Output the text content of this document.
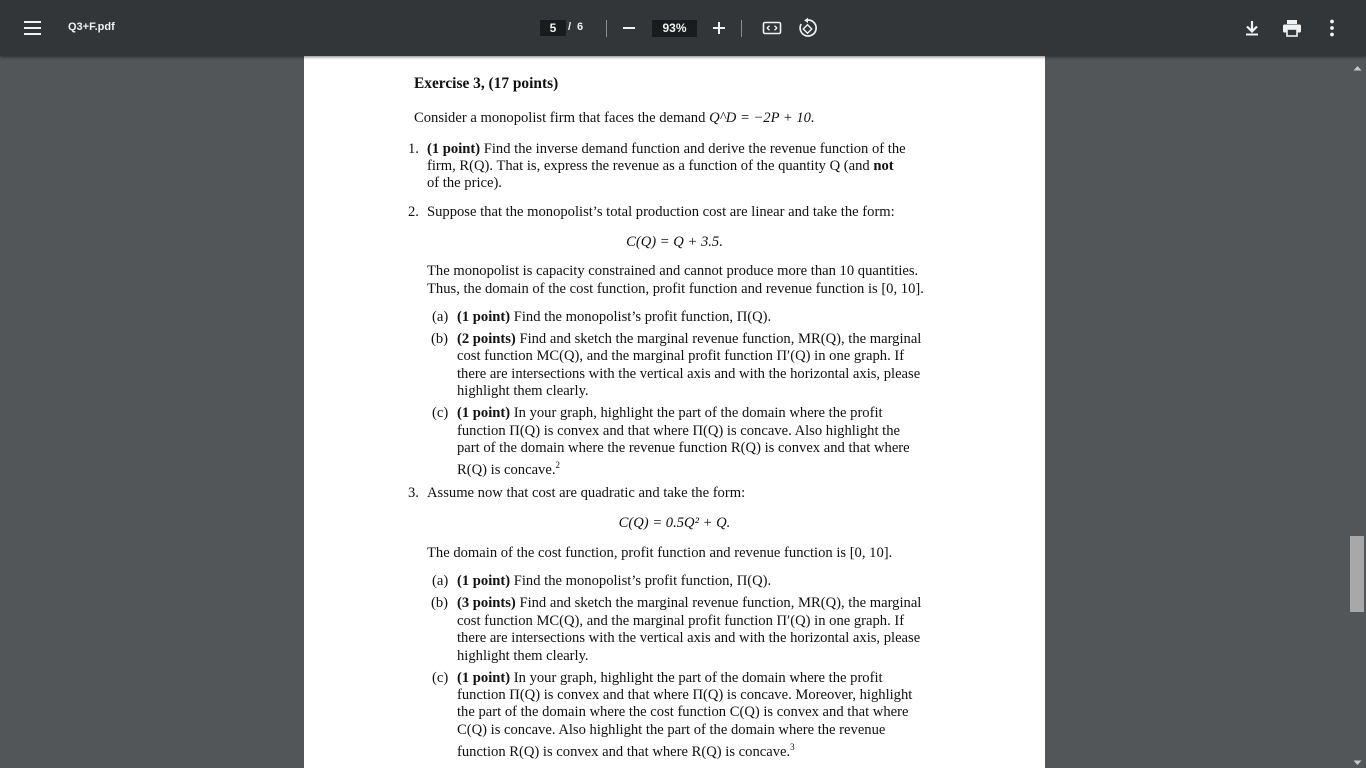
Q3+F.pdf	5	/ 6	93%
Exercise 3, (17 points)
Consider a monopolist firm that faces the demand Q^D = −2P + 10.
1. (1 point) Find the inverse demand function and derive the revenue function of the
firm, R(Q). That is, express the revenue as a function of the quantity Q (and not
of the price).
2. Suppose that the monopolist’s total production cost are linear and take the form:
C(Q) = Q + 3.5.
The monopolist is capacity constrained and cannot produce more than 10 quantities.
Thus, the domain of the cost function, profit function and revenue function is [0, 10].
(a) (1 point) Find the monopolist’s profit function, Π(Q).
(b) (2 points) Find and sketch the marginal revenue function, MR(Q), the marginal
cost function MC(Q), and the marginal profit function Π′(Q) in one graph. If
there are intersections with the vertical axis and with the horizontal axis, please
highlight them clearly.
(c) (1 point) In your graph, highlight the part of the domain where the profit
function Π(Q) is convex and that where Π(Q) is concave. Also highlight the
part of the domain where the revenue function R(Q) is convex and that where
R(Q) is concave.$^2$
3. Assume now that cost are quadratic and take the form:
C(Q) = 0.5Q² + Q.
The domain of the cost function, profit function and revenue function is [0, 10].
(a) (1 point) Find the monopolist’s profit function, Π(Q).
(b) (3 points) Find and sketch the marginal revenue function, MR(Q), the marginal
cost function MC(Q), and the marginal profit function Π′(Q) in one graph. If
there are intersections with the vertical axis and with the horizontal axis, please
highlight them clearly.
(c) (1 point) In your graph, highlight the part of the domain where the profit
function Π(Q) is convex and that where Π(Q) is concave. Moreover, highlight
the part of the domain where the cost function C(Q) is convex and that where
C(Q) is concave. Also highlight the part of the domain where the revenue
function R(Q) is convex and that where R(Q) is concave.$^3$
